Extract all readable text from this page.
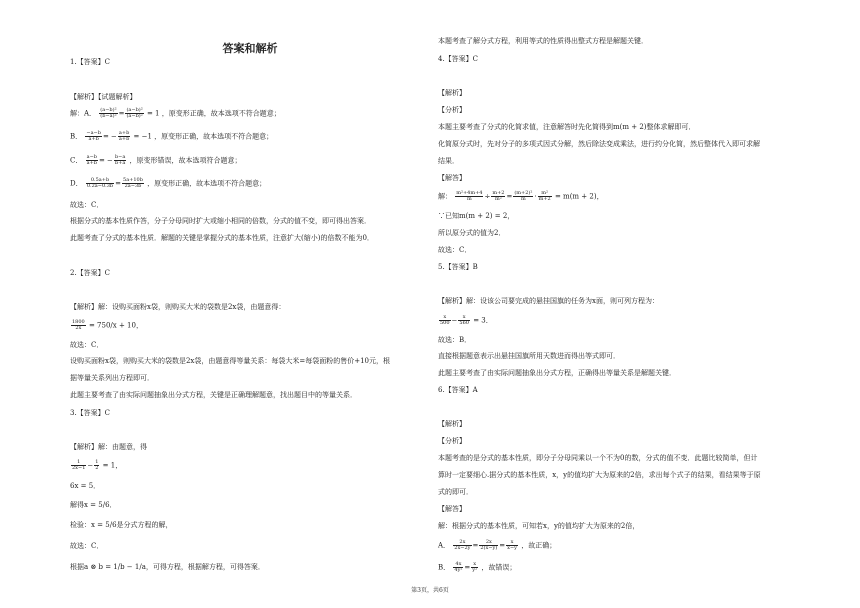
答案和解析
1.【答案】C
【解析】【试题解析】
解：A． $\frac{\text{(a−b)²}}{\text{(b−a)²}} = \frac{\text{(a−b)²}}{\text{(a−b)²}} = 1$ ，原变形正确，故本选项不符合题意；
B． $\frac{-a-b}{a+b}$ = − $\frac{a+b}{a+b} = -1$ ，原变形正确，故本选项不符合题意；
C． $\frac{a-b}{a+b}$ = − $\frac{b-a}{b+a}$ ，原变形错误，故本选项符合题意；
D． $\frac{0.5a+b}{0.2a-0.3b} = \frac{5a+10b}{2a-3b}$ ，原变形正确，故本选项不符合题意；
故选：C．
根据分式的基本性质作答，分子分母同时扩大或缩小相同的倍数，分式的值不变，即可得出答案．
此题考查了分式的基本性质．解题的关键是掌握分式的基本性质，注意扩大(缩小)的倍数不能为0．
2.【答案】C
【解析】解：设购买面粉x袋，则购买大米的袋数是2x袋，由题意得：
$\frac{1800}{2x} = 750/x + 10$，
故选：C．
设购买面粉x袋，则购买大米的袋数是2x袋，由题意得等量关系：每袋大米=每袋面粉的售价+10元，根
据等量关系列出方程即可．
此题主要考查了由实际问题抽象出分式方程，关键是正确理解题意，找出题目中的等量关系．
3.【答案】C
【解析】解：由题意，得
$\frac{1}{2x-1} - \frac{1}{2} = 1$，
6x = 5．
解得x = 5/6．
检验：x = 5/6是分式方程的解，
故选：C．
根据a ⊗ b = 1/b − 1/a，可得方程，根据解方程，可得答案．
本题考查了解分式方程，利用等式的性质得出整式方程是解题关键．
4.【答案】C
【解析】
【分析】
本题主要考查了分式的化简求值，注意解答时先化简得到m(m + 2)整体求解即可．
化简原分式时，先对分子的多项式因式分解，然后除法变成乘法，进行约分化简，然后整体代入即可求解
结果．
【解答】
解： $\frac{\text{m²+4m+4}}{m} \div \frac{m+2}{\text{m²}} = \frac{\text{(m+2)²}}{m} \cdot \frac{\text{m²}}{m+2} = m(m + 2)$，
∵已知m(m + 2) = 2，
所以原分式的值为2．
故选：C．
5.【答案】B
【解析】解：设该公司要完成的悬挂国旗的任务为x面，则可列方程为：
$\frac{x}{500} - \frac{x}{560} = 3$．
故选：B．
直接根据题意表示出悬挂国旗所用天数进而得出等式即可．
此题主要考查了由实际问题抽象出分式方程，正确得出等量关系是解题关键．
6.【答案】A
【解析】
【分析】
本题考查的是分式的基本性质，即分子分母同乘以一个不为0的数，分式的值不变．此题比较简单，但计
算时一定要细心.据分式的基本性质，x，y的值均扩大为原来的2倍，求出每个式子的结果，看结果等于原
式的即可．
【解答】
解：根据分式的基本性质，可知若x，y的值均扩大为原来的2倍，
A． $\frac{2x}{2x-2y} = \frac{2x}{2(x-y)} = \frac{x}{x-y}$ ，故正确；
B． $\frac{4x}{\text{4y²}} = \frac{x}{\text{y²}}$ ，故错误；
第3页，共6页
